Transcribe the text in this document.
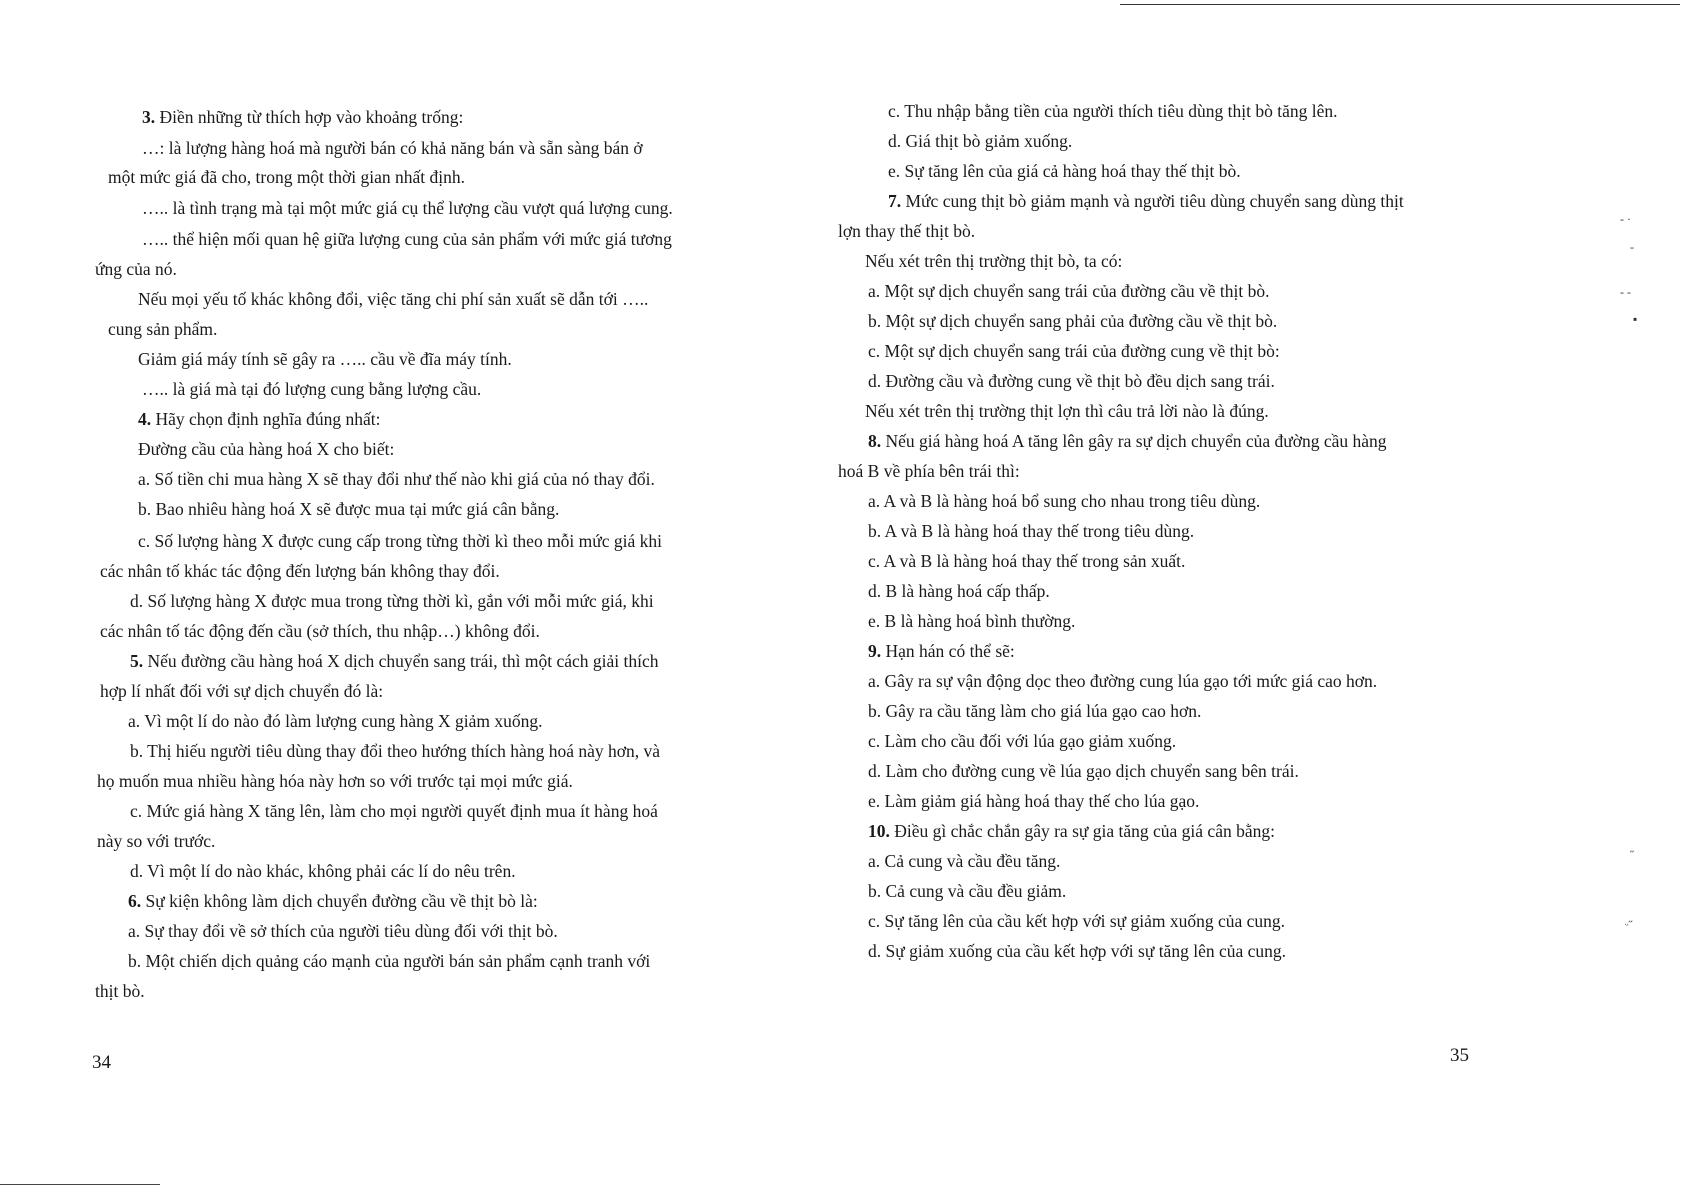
‐ ·
‐
‐ ‐
▪
˝
ᵕ˝
3. Điền những từ thích hợp vào khoảng trống:
…: là lượng hàng hoá mà người bán có khả năng bán và sẵn sàng bán ở
một mức giá đã cho, trong một thời gian nhất định.
….. là tình trạng mà tại một mức giá cụ thể lượng cầu vượt quá lượng cung.
….. thể hiện mối quan hệ giữa lượng cung của sản phẩm với mức giá tương
ứng của nó.
Nếu mọi yếu tố khác không đổi, việc tăng chi phí sản xuất sẽ dẫn tới …..
cung sản phẩm.
Giảm giá máy tính sẽ gây ra ….. cầu về đĩa máy tính.
….. là giá mà tại đó lượng cung bằng lượng cầu.
4. Hãy chọn định nghĩa đúng nhất:
Đường cầu của hàng hoá X cho biết:
a. Số tiền chi mua hàng X sẽ thay đổi như thế nào khi giá của nó thay đổi.
b. Bao nhiêu hàng hoá X sẽ được mua tại mức giá cân bằng.
c. Số lượng hàng X được cung cấp trong từng thời kì theo mỗi mức giá khi
các nhân tố khác tác động đến lượng bán không thay đổi.
d. Số lượng hàng X được mua trong từng thời kì, gắn với mỗi mức giá, khi
các nhân tố tác động đến cầu (sở thích, thu nhập…) không đổi.
5. Nếu đường cầu hàng hoá X dịch chuyển sang trái, thì một cách giải thích
hợp lí nhất đối với sự dịch chuyển đó là:
a. Vì một lí do nào đó làm lượng cung hàng X giảm xuống.
b. Thị hiếu người tiêu dùng thay đổi theo hướng thích hàng hoá này hơn, và
họ muốn mua nhiều hàng hóa này hơn so với trước tại mọi mức giá.
c. Mức giá hàng X tăng lên, làm cho mọi người quyết định mua ít hàng hoá
này so với trước.
d. Vì một lí do nào khác, không phải các lí do nêu trên.
6. Sự kiện không làm dịch chuyển đường cầu về thịt bò là:
a. Sự thay đổi về sở thích của người tiêu dùng đối với thịt bò.
b. Một chiến dịch quảng cáo mạnh của người bán sản phẩm cạnh tranh với
thịt bò.
34
c. Thu nhập bằng tiền của người thích tiêu dùng thịt bò tăng lên.
d. Giá thịt bò giảm xuống.
e. Sự tăng lên của giá cả hàng hoá thay thế thịt bò.
7. Mức cung thịt bò giảm mạnh và người tiêu dùng chuyển sang dùng thịt
lợn thay thế thịt bò.
Nếu xét trên thị trường thịt bò, ta có:
a. Một sự dịch chuyển sang trái của đường cầu về thịt bò.
b. Một sự dịch chuyển sang phải của đường cầu về thịt bò.
c. Một sự dịch chuyển sang trái của đường cung về thịt bò:
d. Đường cầu và đường cung về thịt bò đều dịch sang trái.
Nếu xét trên thị trường thịt lợn thì câu trả lời nào là đúng.
8. Nếu giá hàng hoá A tăng lên gây ra sự dịch chuyển của đường cầu hàng
hoá B về phía bên trái thì:
a. A và B là hàng hoá bổ sung cho nhau trong tiêu dùng.
b. A và B là hàng hoá thay thế trong tiêu dùng.
c. A và B là hàng hoá thay thế trong sản xuất.
d. B là hàng hoá cấp thấp.
e. B là hàng hoá bình thường.
9. Hạn hán có thể sẽ:
a. Gây ra sự vận động dọc theo đường cung lúa gạo tới mức giá cao hơn.
b. Gây ra cầu tăng làm cho giá lúa gạo cao hơn.
c. Làm cho cầu đối với lúa gạo giảm xuống.
d. Làm cho đường cung về lúa gạo dịch chuyển sang bên trái.
e. Làm giảm giá hàng hoá thay thế cho lúa gạo.
10. Điều gì chắc chắn gây ra sự gia tăng của giá cân bằng:
a. Cả cung và cầu đều tăng.
b. Cả cung và cầu đều giảm.
c. Sự tăng lên của cầu kết hợp với sự giảm xuống của cung.
d. Sự giảm xuống của cầu kết hợp với sự tăng lên của cung.
35
